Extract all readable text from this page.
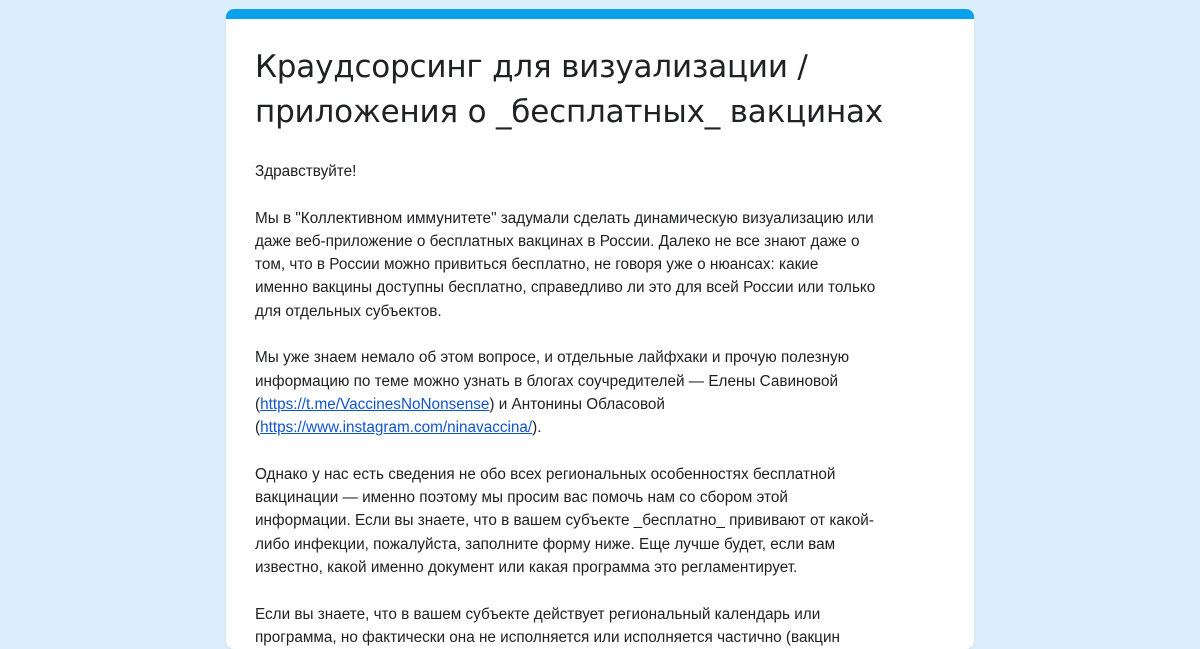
Краудсорсинг для визуализации /
приложения о _бесплатных_ вакцинах

Здравствуйте!

Мы в "Коллективном иммунитете" задумали сделать динамическую визуализацию или
даже веб-приложение о бесплатных вакцинах в России. Далеко не все знают даже о
том, что в России можно привиться бесплатно, не говоря уже о нюансах: какие
именно вакцины доступны бесплатно, справедливо ли это для всей России или только
для отдельных субъектов.

Мы уже знаем немало об этом вопросе, и отдельные лайфхаки и прочую полезную
информацию по теме можно узнать в блогах соучредителей — Елены Савиновой
(https://t.me/VaccinesNoNonsense) и Антонины Обласовой
(https://www.instagram.com/ninavaccina/).

Однако у нас есть сведения не обо всех региональных особенностях бесплатной
вакцинации — именно поэтому мы просим вас помочь нам со сбором этой
информации. Если вы знаете, что в вашем субъекте _бесплатно_ прививают от какой-
либо инфекции, пожалуйста, заполните форму ниже. Еще лучше будет, если вам
известно, какой именно документ или какая программа это регламентирует.

Если вы знаете, что в вашем субъекте действует региональный календарь или
программа, но фактически она не исполняется или исполняется частично (вакцин
